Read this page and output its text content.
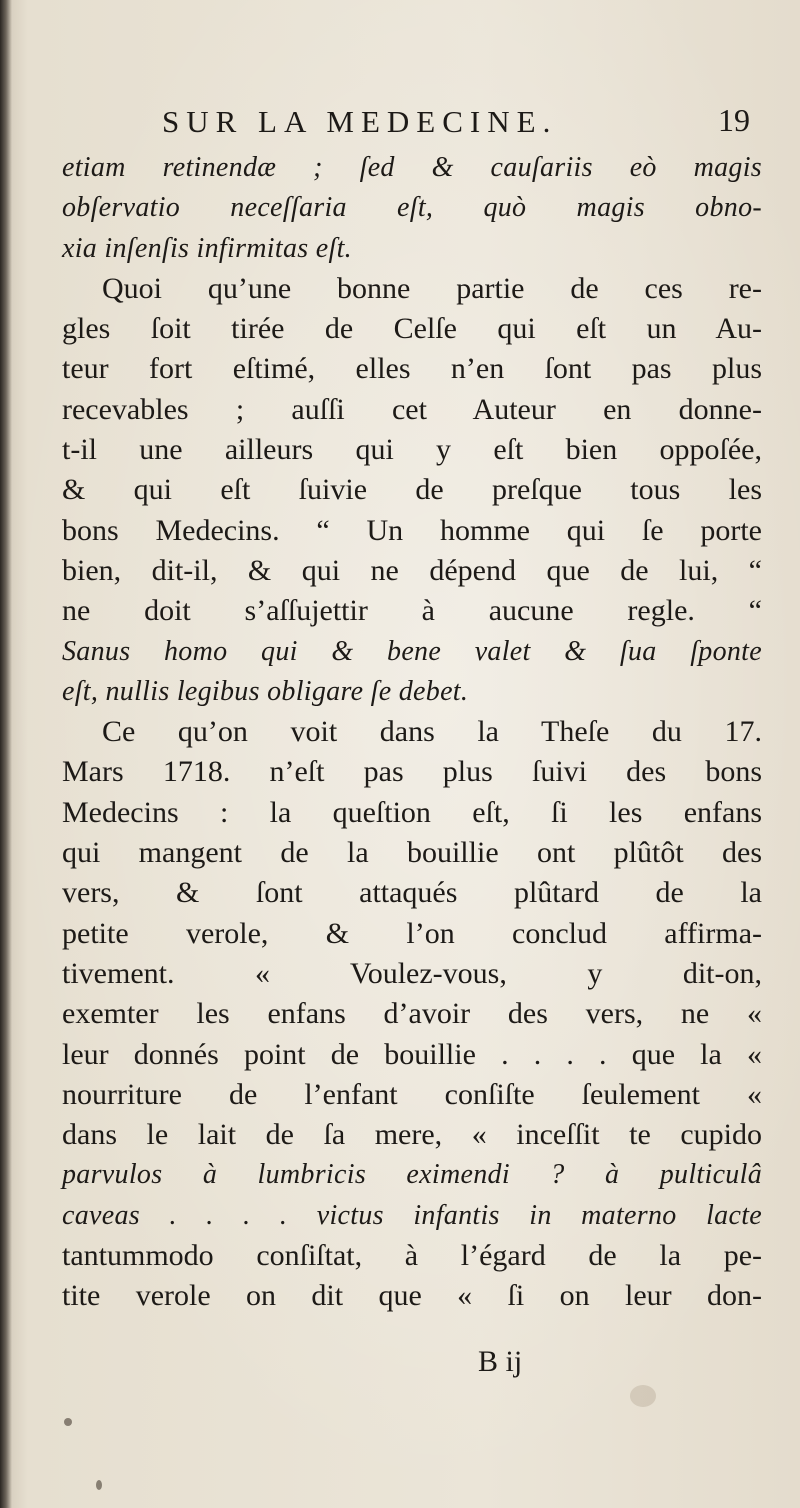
SUR LA MEDECINE.	19
etiam retinendæ ; ſed & cauſariis eò magis
obſervatio neceſſaria eſt, quò magis obno-
xia inſenſis infirmitas eſt.
Quoi qu’une bonne partie de ces re-
gles ſoit tirée de Celſe qui eſt un Au-
teur fort eſtimé, elles n’en ſont pas plus
recevables ; auſſi cet Auteur en donne-
t-il une ailleurs qui y eſt bien oppoſée,
& qui eſt ſuivie de preſque tous les
bons Medecins. “ Un homme qui ſe porte
bien, dit-il, & qui ne dépend que de lui, “
ne doit s’aſſujettir à aucune regle. “
Sanus homo qui & bene valet & ſua ſponte
eſt, nullis legibus obligare ſe debet.
Ce qu’on voit dans la Theſe du 17.
Mars 1718. n’eſt pas plus ſuivi des bons
Medecins : la queſtion eſt, ſi les enfans
qui mangent de la bouillie ont plûtôt des
vers, & ſont attaqués plûtard de la
petite verole, & l’on conclud affirma-
tivement. « Voulez-vous, y dit-on,
exemter les enfans d’avoir des vers, ne «
leur donnés point de bouillie . . . . que la «
nourriture de l’enfant conſiſte ſeulement «
dans le lait de ſa mere, « inceſſit te cupido
parvulos à lumbricis eximendi ? à pulticulâ
caveas . . . . victus infantis in materno lacte
tantummodo conſiſtat, à l’égard de la pe-
tite verole on dit que « ſi on leur don-
B ij
